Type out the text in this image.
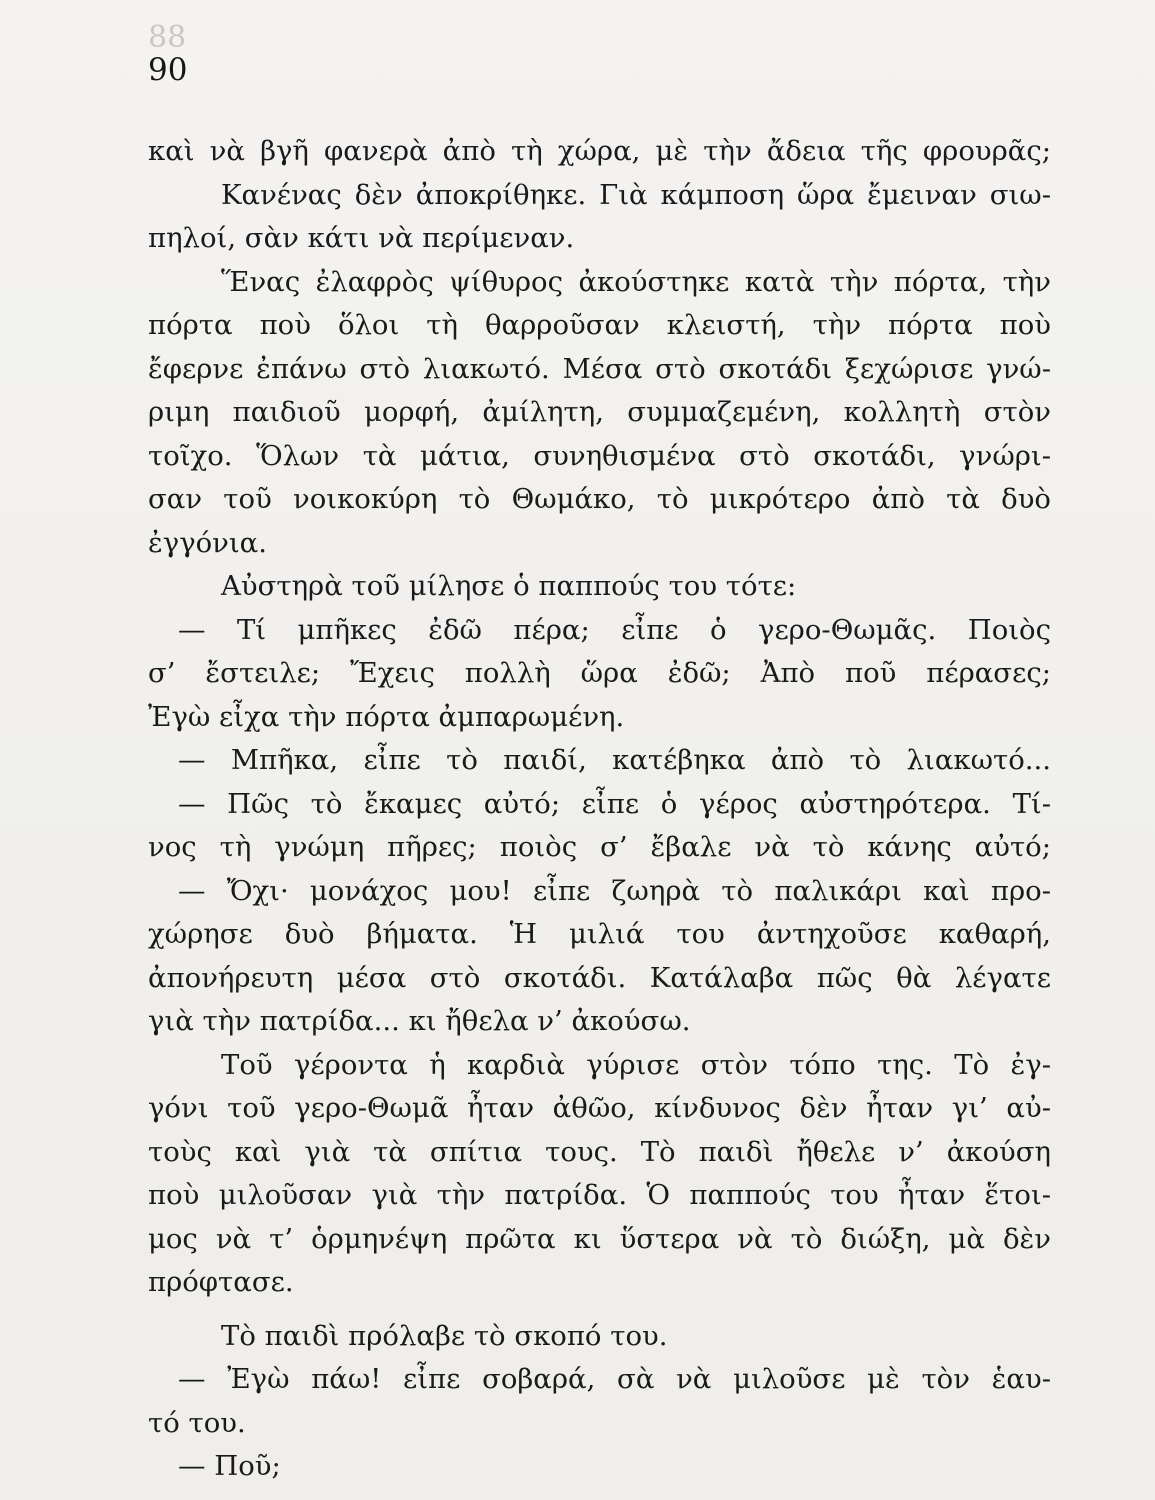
88
90
καὶ νὰ βγῆ φανερὰ ἀπὸ τὴ χώρα, μὲ τὴν ἄδεια τῆς φρουρᾶς;
Κανένας δὲν ἀποκρίθηκε. Γιὰ κάμποση ὥρα ἔμειναν σιω-
πηλοί, σὰν κάτι νὰ περίμεναν.
Ἕνας ἐλαφρὸς ψίθυρος ἀκούστηκε κατὰ τὴν πόρτα, τὴν
πόρτα ποὺ ὅλοι τὴ θαρροῦσαν κλειστή, τὴν πόρτα ποὺ
ἔφερνε ἐπάνω στὸ λιακωτό. Μέσα στὸ σκοτάδι ξεχώρισε γνώ-
ριμη παιδιοῦ μορφή, ἀμίλητη, συμμαζεμένη, κολλητὴ στὸν
τοῖχο. Ὅλων τὰ μάτια, συνηθισμένα στὸ σκοτάδι, γνώρι-
σαν τοῦ νοικοκύρη τὸ Θωμάκο, τὸ μικρότερο ἀπὸ τὰ δυὸ
ἐγγόνια.
Αὐστηρὰ τοῦ μίλησε ὁ παππούς του τότε:
— Τί μπῆκες ἐδῶ πέρα; εἶπε ὁ γερο-Θωμᾶς. Ποιὸς
σ’ ἔστειλε; Ἔχεις πολλὴ ὥρα ἐδῶ; Ἀπὸ ποῦ πέρασες;
Ἐγὼ εἶχα τὴν πόρτα ἀμπαρωμένη.
— Μπῆκα, εἶπε τὸ παιδί, κατέβηκα ἀπὸ τὸ λιακωτό...
— Πῶς τὸ ἔκαμες αὐτό; εἶπε ὁ γέρος αὐστηρότερα. Τί-
νος τὴ γνώμη πῆρες; ποιὸς σ’ ἔβαλε νὰ τὸ κάνης αὐτό;
— Ὄχι· μονάχος μου! εἶπε ζωηρὰ τὸ παλικάρι καὶ προ-
χώρησε δυὸ βήματα. Ἡ μιλιά του ἀντηχοῦσε καθαρή,
ἀπονήρευτη μέσα στὸ σκοτάδι. Κατάλαβα πῶς θὰ λέγατε
γιὰ τὴν πατρίδα... κι ἤθελα ν’ ἀκούσω.
Τοῦ γέροντα ἡ καρδιὰ γύρισε στὸν τόπο της. Τὸ ἐγ-
γόνι τοῦ γερο-Θωμᾶ ἦταν ἀθῶο, κίνδυνος δὲν ἦταν γι’ αὐ-
τοὺς καὶ γιὰ τὰ σπίτια τους. Τὸ παιδὶ ἤθελε ν’ ἀκούση
ποὺ μιλοῦσαν γιὰ τὴν πατρίδα. Ὁ παππούς του ἦταν ἕτοι-
μος νὰ τ’ ὁρμηνέψη πρῶτα κι ὕστερα νὰ τὸ διώξη, μὰ δὲν
πρόφτασε.
Τὸ παιδὶ πρόλαβε τὸ σκοπό του.
— Ἐγὼ πάω! εἶπε σοβαρά, σὰ νὰ μιλοῦσε μὲ τὸν ἑαυ-
τό του.
— Ποῦ;
